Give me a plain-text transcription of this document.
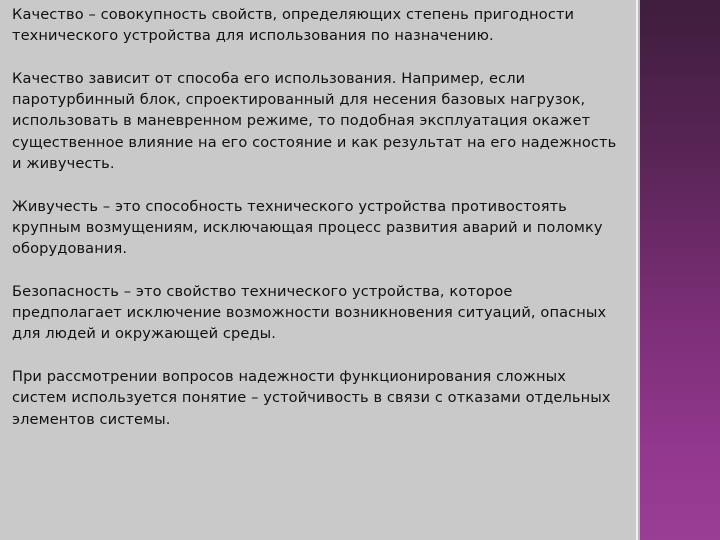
Качество – совокупность свойств, определяющих степень пригодности технического устройства для использования по назначению.

Качество зависит от способа его использования. Например, если паротурбинный блок, спроектированный для несения базовых нагрузок, использовать в маневренном режиме, то подобная эксплуатация окажет существенное влияние на его состояние и как результат на его надежность и живучесть.

Живучесть – это способность технического устройства противостоять крупным возмущениям, исключающая процесс развития аварий и поломку оборудования.

Безопасность – это свойство технического устройства, которое предполагает исключение возможности возникновения ситуаций, опасных для людей и окружающей среды.

При рассмотрении вопросов надежности функционирования сложных систем используется понятие – устойчивость в связи с отказами отдельных элементов системы.
